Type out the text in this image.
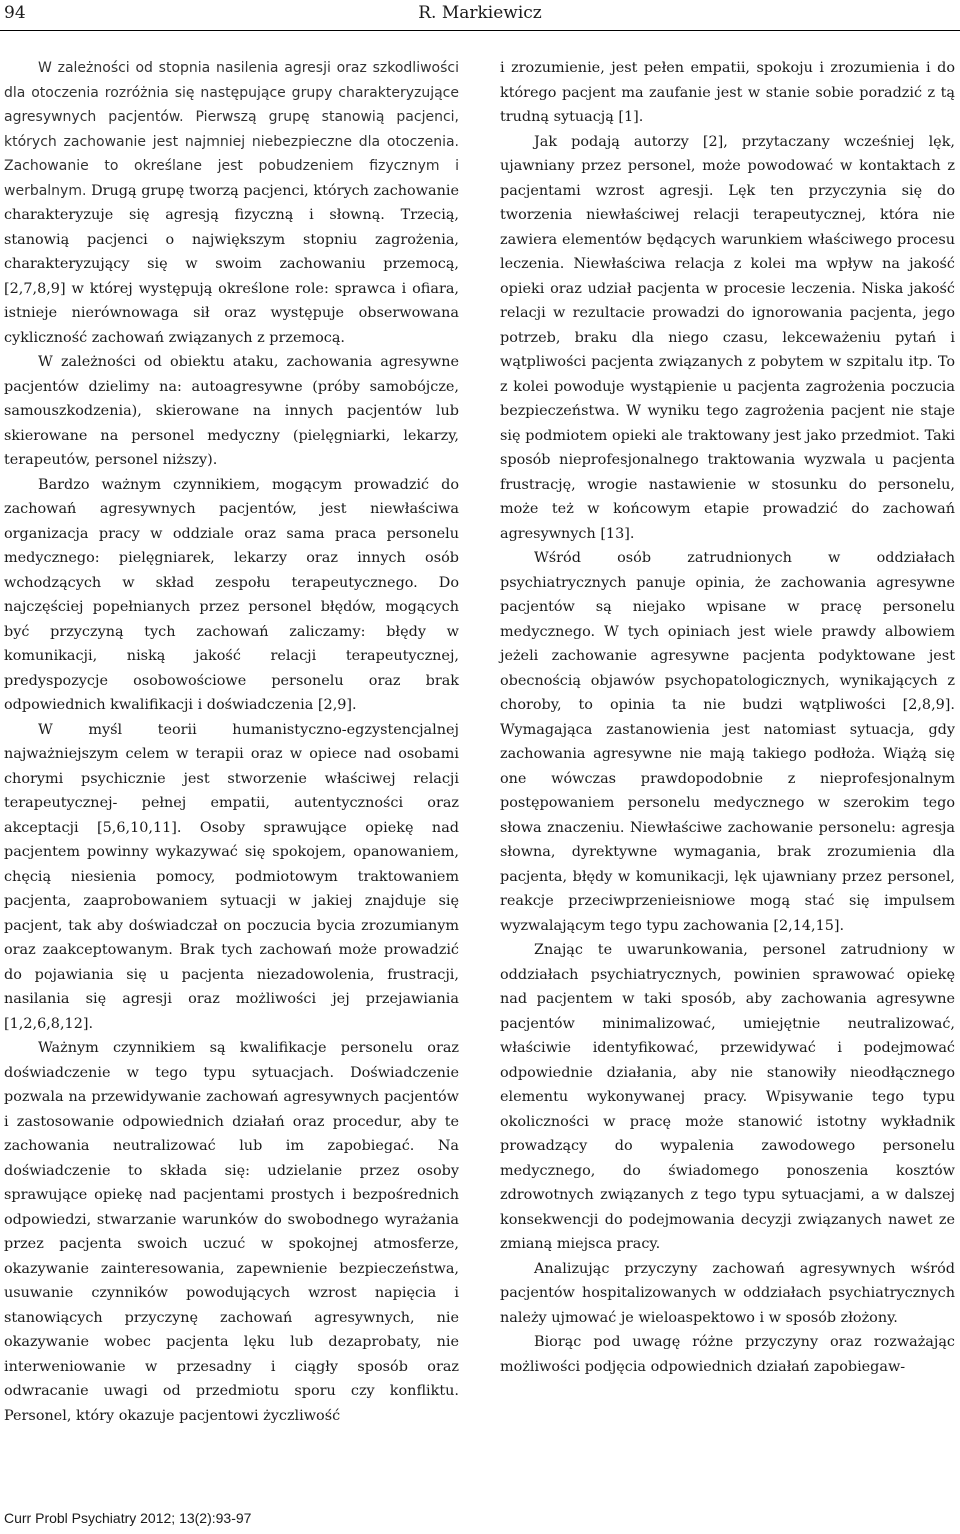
94	R. Markiewicz

W zależności od stopnia nasilenia agresji oraz szkodliwości dla otoczenia rozróżnia się następujące grupy charakteryzujące agresywnych pacjentów. Pierwszą grupę stanowią pacjenci, których zachowanie jest najmniej niebezpieczne dla otoczenia. Zachowanie to określane jest pobudzeniem fizycznym i werbalnym. Drugą grupę tworzą pacjenci, których zachowanie charakteryzuje się agresją fizyczną i słowną. Trzecią, stanowią pacjenci o największym stopniu zagrożenia, charakteryzujący się w swoim zachowaniu przemocą, [2,7,8,9] w której występują określone role: sprawca i ofiara, istnieje nierównowaga sił oraz występuje obserwowana cykliczność zachowań związanych z przemocą.

W zależności od obiektu ataku, zachowania agresywne pacjentów dzielimy na: autoagresywne (próby samobójcze, samouszkodzenia), skierowane na innych pacjentów lub skierowane na personel medyczny (pielęgniarki, lekarzy, terapeutów, personel niższy).

Bardzo ważnym czynnikiem, mogącym prowadzić do zachowań agresywnych pacjentów, jest niewłaściwa organizacja pracy w oddziale oraz sama praca personelu medycznego: pielęgniarek, lekarzy oraz innych osób wchodzących w skład zespołu terapeutycznego. Do najczęściej popełnianych przez personel błędów, mogących być przyczyną tych zachowań zaliczamy: błędy w komunikacji, niską jakość relacji terapeutycznej, predyspozycje osobowościowe personelu oraz brak odpowiednich kwalifikacji i doświadczenia [2,9].

W myśl teorii humanistyczno-egzystencjalnej najważniejszym celem w terapii oraz w opiece nad osobami chorymi psychicznie jest stworzenie właściwej relacji terapeutycznej- pełnej empatii, autentyczności oraz akceptacji [5,6,10,11]. Osoby sprawujące opiekę nad pacjentem powinny wykazywać się spokojem, opanowaniem, chęcią niesienia pomocy, podmiotowym traktowaniem pacjenta, zaaprobowaniem sytuacji w jakiej znajduje się pacjent, tak aby doświadczał on poczucia bycia zrozumianym oraz zaakceptowanym. Brak tych zachowań może prowadzić do pojawiania się u pacjenta niezadowolenia, frustracji, nasilania się agresji oraz możliwości jej przejawiania [1,2,6,8,12].

Ważnym czynnikiem są kwalifikacje personelu oraz doświadczenie w tego typu sytuacjach. Doświadczenie pozwala na przewidywanie zachowań agresywnych pacjentów i zastosowanie odpowiednich działań oraz procedur, aby te zachowania neutralizować lub im zapobiegać. Na doświadczenie to składa się: udzielanie przez osoby sprawujące opiekę nad pacjentami prostych i bezpośrednich odpowiedzi, stwarzanie warunków do swobodnego wyrażania przez pacjenta swoich uczuć w spokojnej atmosferze, okazywanie zainteresowania, zapewnienie bezpieczeństwa, usuwanie czynników powodujących wzrost napięcia i stanowiących przyczynę zachowań agresywnych, nie okazywanie wobec pacjenta lęku lub dezaprobaty, nie interweniowanie w przesadny i ciągły sposób oraz odwracanie uwagi od przedmiotu sporu czy konfliktu. Personel, który okazuje pacjentowi życzliwość

i zrozumienie, jest pełen empatii, spokoju i zrozumienia i do którego pacjent ma zaufanie jest w stanie sobie poradzić z tą trudną sytuacją [1].

Jak podają autorzy [2], przytaczany wcześniej lęk, ujawniany przez personel, może powodować w kontaktach z pacjentami wzrost agresji. Lęk ten przyczynia się do tworzenia niewłaściwej relacji terapeutycznej, która nie zawiera elementów będących warunkiem właściwego procesu leczenia. Niewłaściwa relacja z kolei ma wpływ na jakość opieki oraz udział pacjenta w procesie leczenia. Niska jakość relacji w rezultacie prowadzi do ignorowania pacjenta, jego potrzeb, braku dla niego czasu, lekceważeniu pytań i wątpliwości pacjenta związanych z pobytem w szpitalu itp. To z kolei powoduje wystąpienie u pacjenta zagrożenia poczucia bezpieczeństwa. W wyniku tego zagrożenia pacjent nie staje się podmiotem opieki ale traktowany jest jako przedmiot. Taki sposób nieprofesjonalnego traktowania wyzwala u pacjenta frustrację, wrogie nastawienie w stosunku do personelu, może też w końcowym etapie prowadzić do zachowań agresywnych [13].

Wśród osób zatrudnionych w oddziałach psychiatrycznych panuje opinia, że zachowania agresywne pacjentów są niejako wpisane w pracę personelu medycznego. W tych opiniach jest wiele prawdy albowiem jeżeli zachowanie agresywne pacjenta podyktowane jest obecnością objawów psychopatologicznych, wynikających z choroby, to opinia ta nie budzi wątpliwości [2,8,9]. Wymagająca zastanowienia jest natomiast sytuacja, gdy zachowania agresywne nie mają takiego podłoża. Wiążą się one wówczas prawdopodobnie z nieprofesjonalnym postępowaniem personelu medycznego w szerokim tego słowa znaczeniu. Niewłaściwe zachowanie personelu: agresja słowna, dyrektywne wymagania, brak zrozumienia dla pacjenta, błędy w komunikacji, lęk ujawniany przez personel, reakcje przeciwprzenieisniowe mogą stać się impulsem wyzwalającym tego typu zachowania [2,14,15].

Znając te uwarunkowania, personel zatrudniony w oddziałach psychiatrycznych, powinien sprawować opiekę nad pacjentem w taki sposób, aby zachowania agresywne pacjentów minimalizować, umiejętnie neutralizować, właściwie identyfikować, przewidywać i podejmować odpowiednie działania, aby nie stanowiły nieodłącznego elementu wykonywanej pracy. Wpisywanie tego typu okoliczności w pracę może stanowić istotny wykładnik prowadzący do wypalenia zawodowego personelu medycznego, do świadomego ponoszenia kosztów zdrowotnych związanych z tego typu sytuacjami, a w dalszej konsekwencji do podejmowania decyzji związanych nawet ze zmianą miejsca pracy.

Analizując przyczyny zachowań agresywnych wśród pacjentów hospitalizowanych w oddziałach psychiatrycznych należy ujmować je wieloaspektowo i w sposób złożony.

Biorąc pod uwagę różne przyczyny oraz rozważając możliwości podjęcia odpowiednich działań zapobiegaw-

Curr Probl Psychiatry 2012; 13(2):93-97
